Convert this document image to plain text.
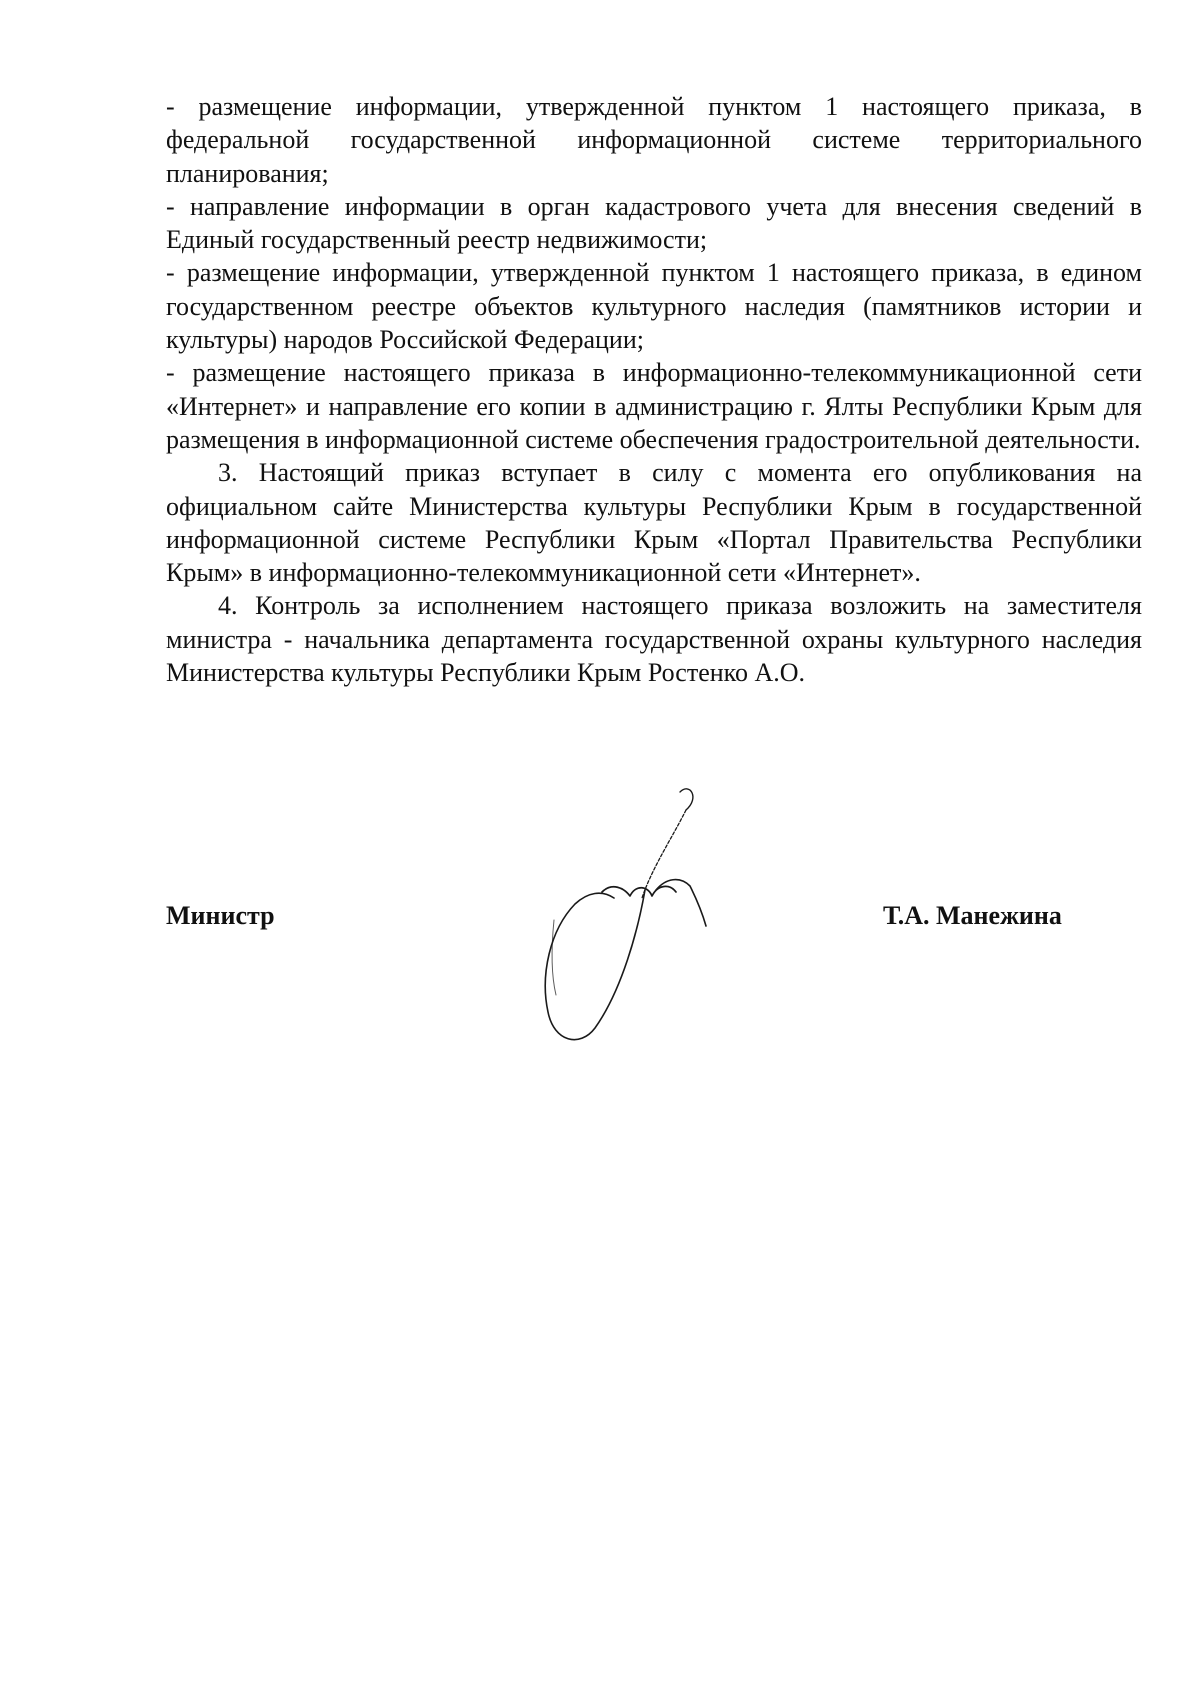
- размещение информации, утвержденной пунктом 1 настоящего приказа, в федеральной государственной информационной системе территориального планирования;

- направление информации в орган кадастрового учета для внесения сведений в Единый государственный реестр недвижимости;

- размещение информации, утвержденной пунктом 1 настоящего приказа, в едином государственном реестре объектов культурного наследия (памятников истории и культуры) народов Российской Федерации;

- размещение настоящего приказа в информационно-телекоммуникационной сети «Интернет» и направление его копии в администрацию г. Ялты Республики Крым для размещения в информационной системе обеспечения градостроительной деятельности.

3. Настоящий приказ вступает в силу с момента его опубликования на официальном сайте Министерства культуры Республики Крым в государственной информационной системе Республики Крым «Портал Правительства Республики Крым» в информационно-телекоммуникационной сети «Интернет».

4. Контроль за исполнением настоящего приказа возложить на заместителя министра - начальника департамента государственной охраны культурного наследия Министерства культуры Республики Крым Ростенко А.О.

Министр	Т.А. Манежина
